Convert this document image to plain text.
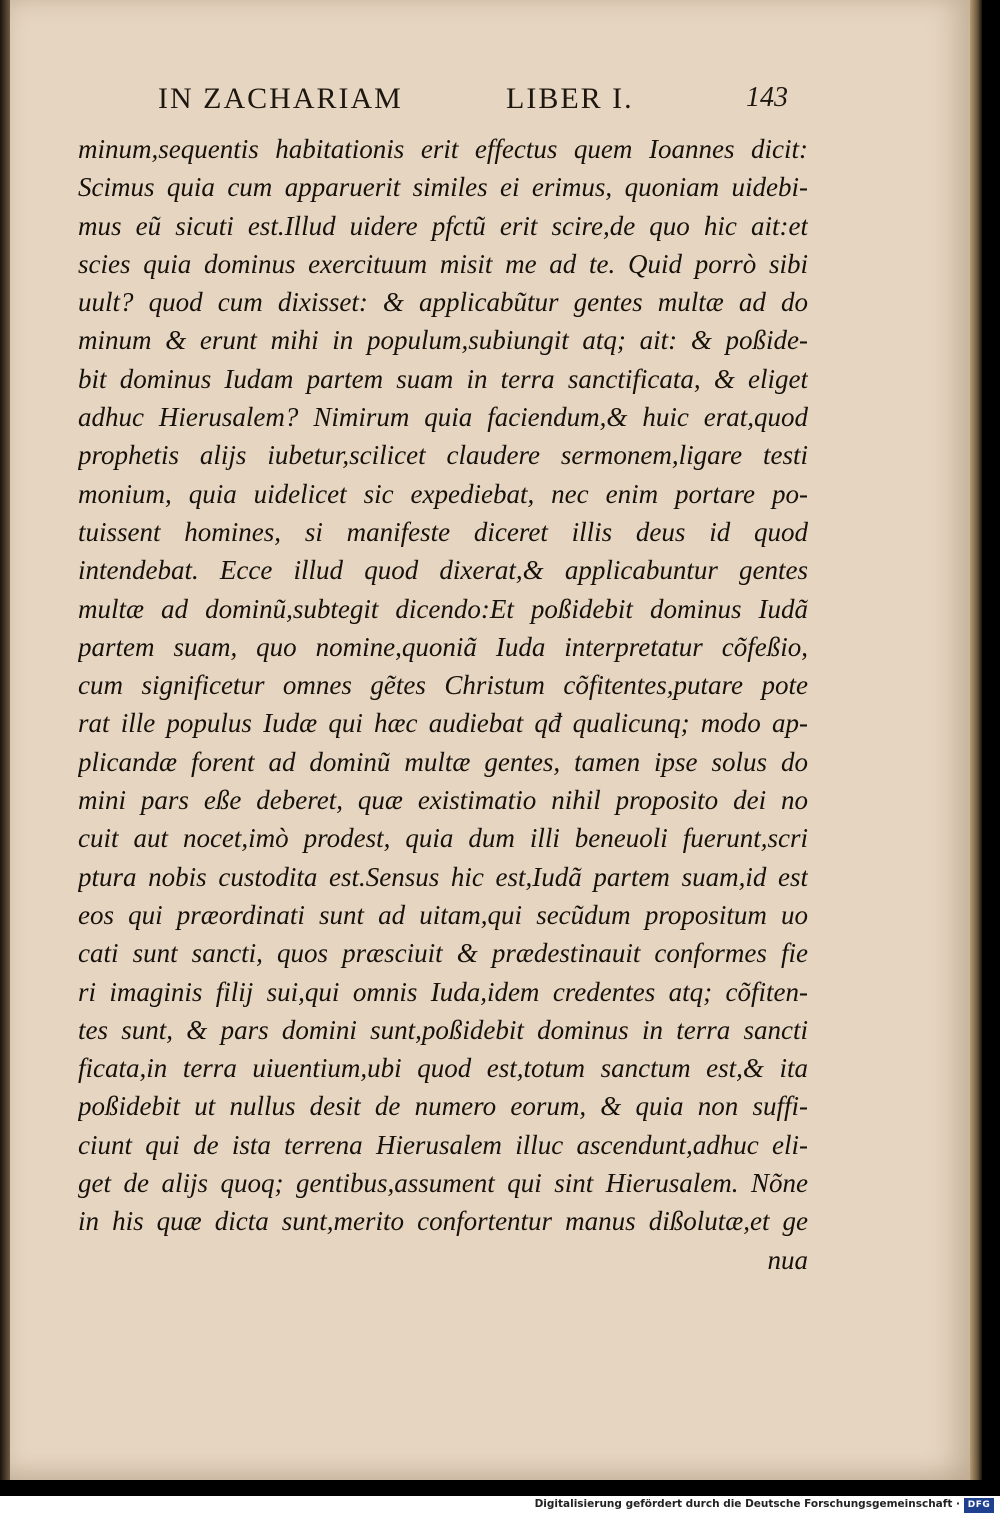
IN ZACHARIAM	LIBER I.	143
minum,sequentis habitationis erit effectus quem Ioannes dicit:
Scimus quia cum apparuerit similes ei erimus, quoniam uidebi-
mus eũ sicuti est.Illud uidere pfctũ erit scire,de quo hic ait:et
scies quia dominus exercituum misit me ad te. Quid porrò sibi
uult? quod cum dixisset: & applicabũtur gentes multæ ad do
minum & erunt mihi in populum,subiungit atq; ait: & poßide-
bit dominus Iudam partem suam in terra sanctificata, & eliget
adhuc Hierusalem? Nimirum quia faciendum,& huic erat,quod
prophetis alijs iubetur,scilicet claudere sermonem,ligare testi
monium, quia uidelicet sic expediebat, nec enim portare po-
tuissent homines, si manifeste diceret illis deus id quod
intendebat. Ecce illud quod dixerat,& applicabuntur gentes
multæ ad dominũ,subtegit dicendo:Et poßidebit dominus Iudã
partem suam, quo nomine,quoniã Iuda interpretatur cõfeßio,
cum significetur omnes gẽtes Christum cõfitentes,putare pote
rat ille populus Iudæ qui hæc audiebat qđ qualicunq; modo ap-
plicandæ forent ad dominũ multæ gentes, tamen ipse solus do
mini pars eße deberet, quæ existimatio nihil proposito dei no
cuit aut nocet,imò prodest, quia dum illi beneuoli fuerunt,scri
ptura nobis custodita est.Sensus hic est,Iudã partem suam,id est
eos qui præordinati sunt ad uitam,qui secũdum propositum uo
cati sunt sancti, quos præsciuit & prædestinauit conformes fie
ri imaginis filij sui,qui omnis Iuda,idem credentes atq; cõfiten-
tes sunt, & pars domini sunt,poßidebit dominus in terra sancti
ficata,in terra uiuentium,ubi quod est,totum sanctum est,& ita
poßidebit ut nullus desit de numero eorum, & quia non suffi-
ciunt qui de ista terrena Hierusalem illuc ascendunt,adhuc eli-
get de alijs quoq; gentibus,assument qui sint Hierusalem. Nõne
in his quæ dicta sunt,merito confortentur manus dißolutæ,et ge
nua
Digitalisierung gefördert durch die Deutsche Forschungsgemeinschaft · DFG
